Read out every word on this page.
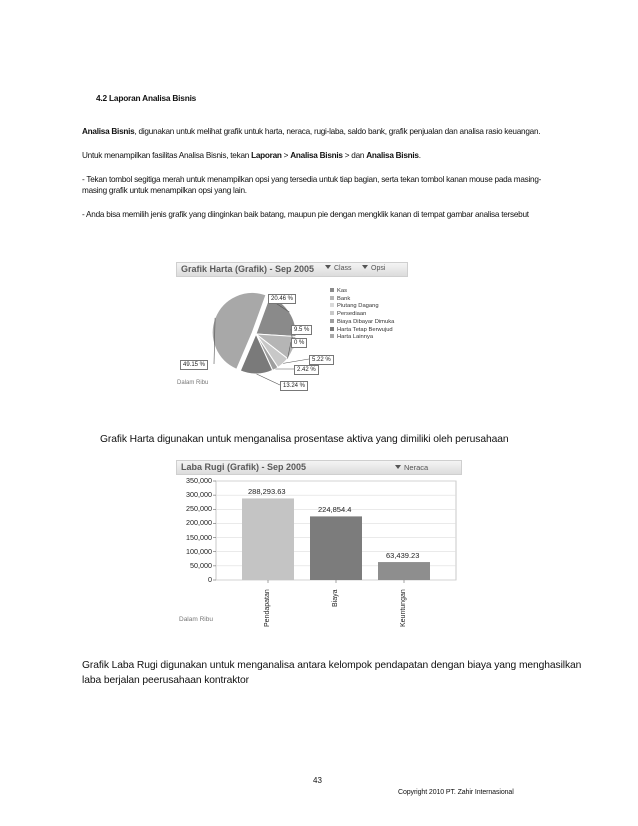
4.2 Laporan Analisa Bisnis
Analisa Bisnis, digunakan untuk melihat grafik untuk harta, neraca, rugi-laba, saldo bank, grafik penjualan dan analisa rasio keuangan.
Untuk menampilkan fasilitas Analisa Bisnis, tekan Laporan > Analisa Bisnis > dan Analisa Bisnis.
- Tekan tombol segitiga merah untuk menampilkan opsi yang tersedia untuk tiap bagian, serta tekan tombol kanan mouse pada masing-
masing grafik untuk menampilkan opsi yang lain.
- Anda bisa memilih jenis grafik yang diinginkan baik batang, maupun pie dengan mengklik kanan di tempat gambar analisa tersebut
Grafik Harta (Grafik) - Sep 2005	Class	Opsi
Kas
Bank
Piutang Dagang
Persediaan
Biaya Dibayar Dimuka
Harta Tetap Berwujud
Harta Lainnya
Dalam Ribu
20.46 %
9.5 %
0 %
5.22 %
2.42 %
13.24 %
49.15 %
Grafik Harta digunakan untuk menganalisa prosentase aktiva yang dimiliki oleh perusahaan
Laba Rugi (Grafik) - Sep 2005	Neraca
Dalam Ribu
350,000
300,000
250,000
200,000
150,000
100,000
50,000
0
288,293.63
Pendapatan
224,854.4
Biaya
63,439.23
Keuntungan
Grafik Laba Rugi digunakan untuk menganalisa antara kelompok pendapatan dengan biaya yang menghasilkan
laba berjalan peerusahaan kontraktor
43
Copyright 2010 PT. Zahir Internasional
